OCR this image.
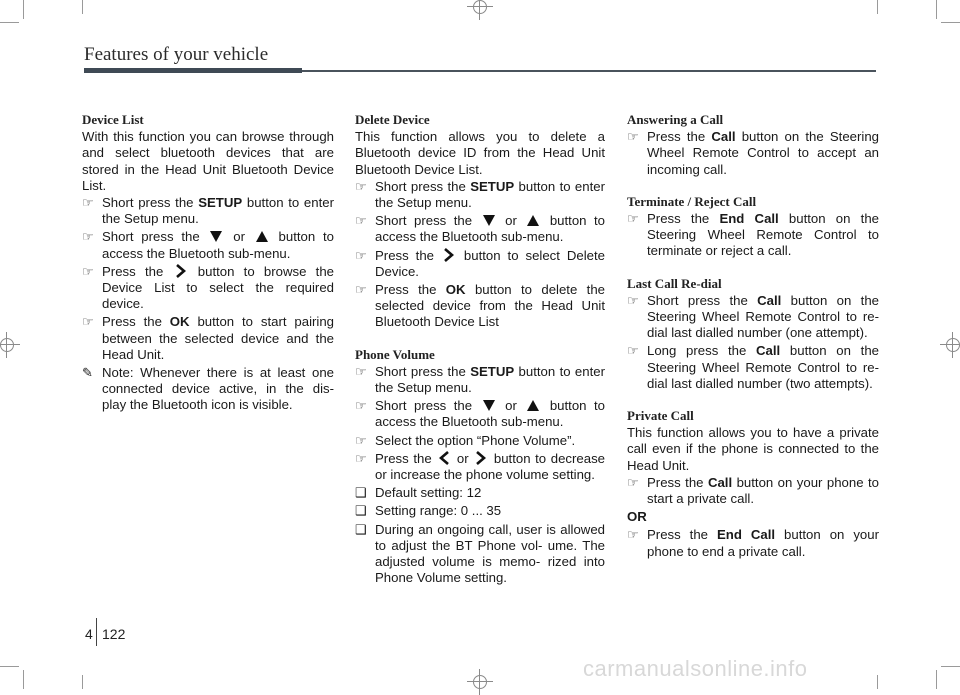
Features of your vehicle
Device List

With this function you can browse through and select bluetooth devices that are stored in the Head Unit Bluetooth Device List.

☞ Short press the SETUP button to enter the Setup menu.
☞ Short press the  or  button to access the Bluetooth sub-menu.
☞ Press the  button to browse the Device List to select the required device.
☞ Press the OK button to start pairing between the selected device and the Head Unit.
✎ Note: Whenever there is at least one connected device active, in the dis- play the Bluetooth icon is visible.
Delete Device

This function allows you to delete a Bluetooth device ID from the Head Unit Bluetooth Device List.

☞ Short press the SETUP button to enter the Setup menu.
☞ Short press the  or  button to access the Bluetooth sub-menu.
☞ Press the  button to select Delete Device.
☞ Press the OK button to delete the selected device from the Head Unit Bluetooth Device List
Phone Volume
☞ Short press the SETUP button to enter the Setup menu.
☞ Short press the  or  button to access the Bluetooth sub-menu.
☞ Select the option “Phone Volume”.
☞ Press the  or  button to decrease or increase the phone volume setting.
❑ Default setting: 12
❑ Setting range: 0 ... 35
❑ During an ongoing call, user is allowed to adjust the BT Phone vol- ume. The adjusted volume is memo- rized into Phone Volume setting.
Answering a Call
☞ Press the Call button on the Steering Wheel Remote Control to accept an incoming call.
Terminate / Reject Call
☞ Press the End Call button on the Steering Wheel Remote Control to terminate or reject a call.
Last Call Re-dial
☞ Short press the Call button on the Steering Wheel Remote Control to re- dial last dialled number (one attempt).
☞ Long press the Call button on the Steering Wheel Remote Control to re- dial last dialled number (two attempts).
Private Call

This function allows you to have a private call even if the phone is connected to the Head Unit.

☞ Press the Call button on your phone to start a private call.
OR
☞ Press the End Call button on your phone to end a private call.
4 122
carmanualsonline.info
